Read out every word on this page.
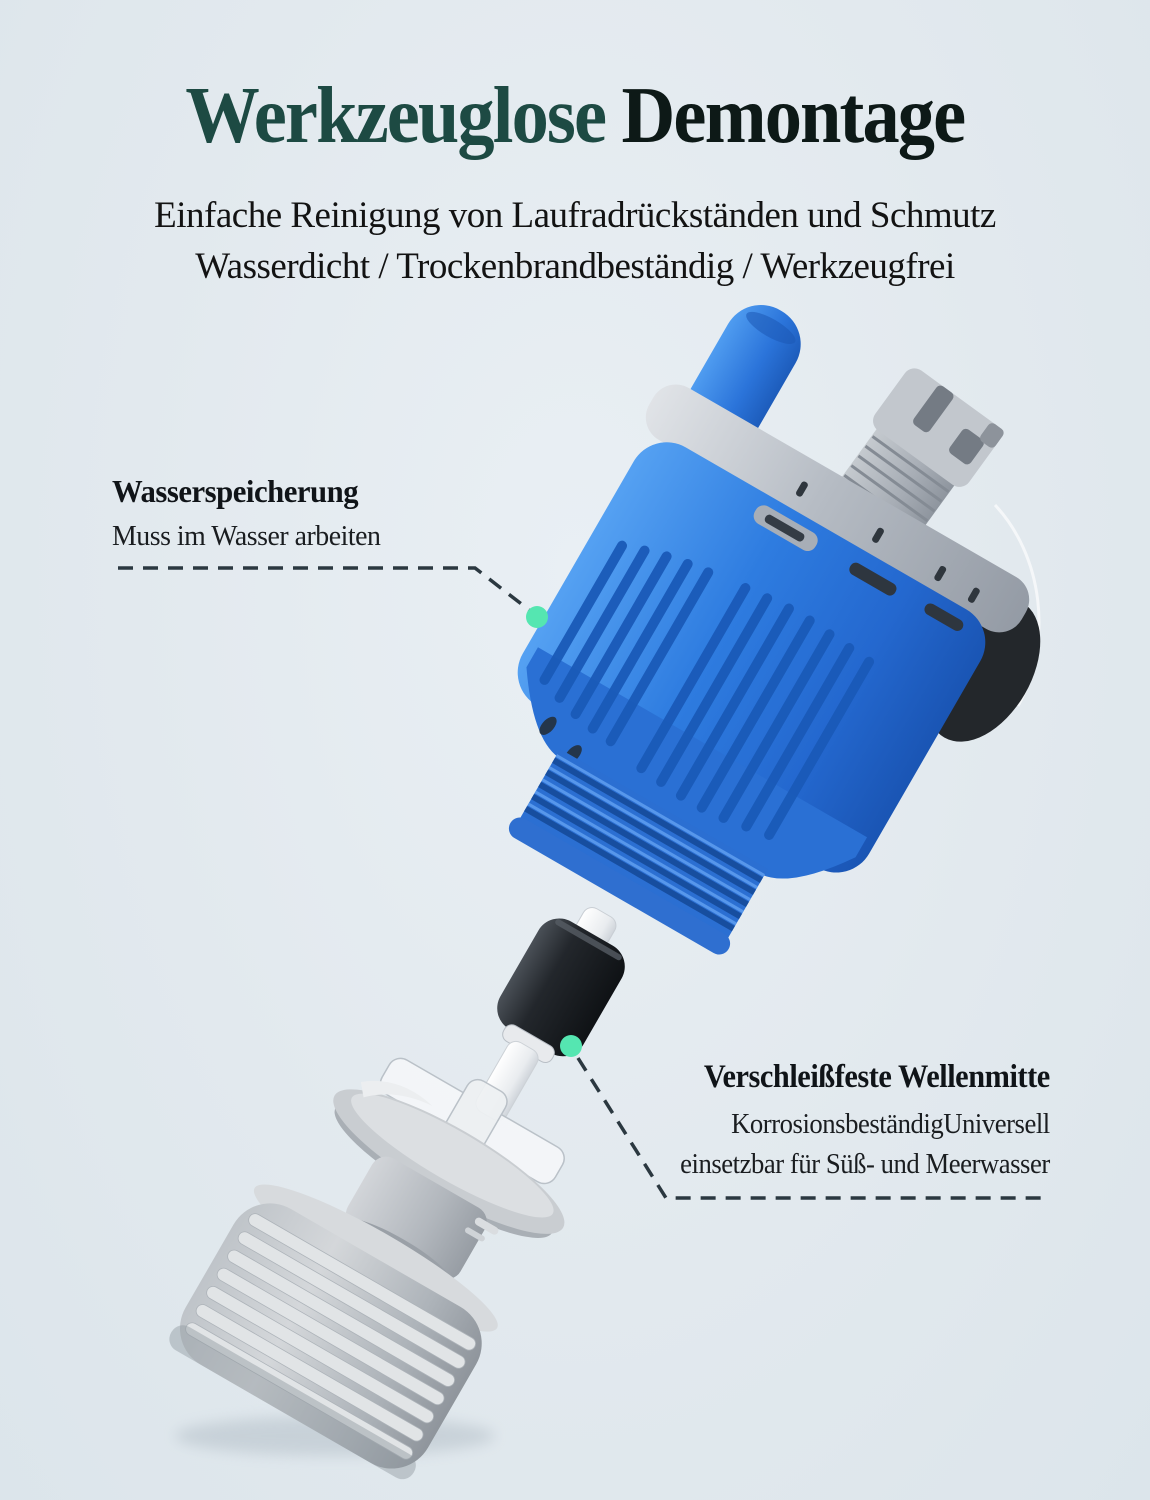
Werkzeuglose Demontage
Einfache Reinigung von Laufradrückständen und Schmutz
Wasserdicht / Trockenbrandbeständig / Werkzeugfrei
Wasserspeicherung

Muss im Wasser arbeiten

Verschleißfeste Wellenmitte

KorrosionsbeständigUniversell

einsetzbar für Süß- und Meerwasser
